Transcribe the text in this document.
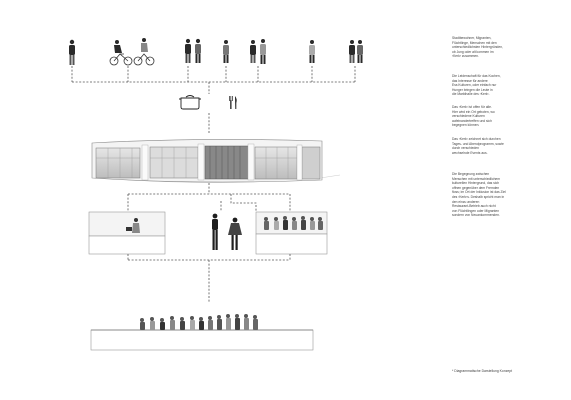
Stadtbewohner, Migranten,
Flüchtlinge, Menschen mit den
unterschiedlichsten Hintergründen,
ob Jung oder alt kommen im
›Kerk‹ zusammen.

Die Leidenschaft für das Kochen,
das Interesse für andere
Ess Kulturen, oder einfach nur
Hunger bringen die Leute in
die Markthalle des ›Kerk‹.

Das ›Kerk‹ ist offen für alle.
Hier wird ein Ort geboten, wo
verschiedene Kulturen
aufeinandertreffen und sich
begegnen können.

Das ›Kerk‹ zeichnet sich durchen
Tages- und Abendprogramm, sowie
durch verschieden
wechselnde Events aus.

Die Begegnung zwischen
Menschen mit unterschiedlichem
kulturellen Hintergrund, das sich
offnen gegenüber dem Fremden
floss; im Ort der Inklusion ist das Ziel
des ›Kerk‹s. Deshalb spricht man in
den einzu anderen
Restaurant-Betrieb auch nicht
von Flüchtlingen oder Migranten
sondern von Neuankommenden.

* Diagrammatische Darstellung Konzept
